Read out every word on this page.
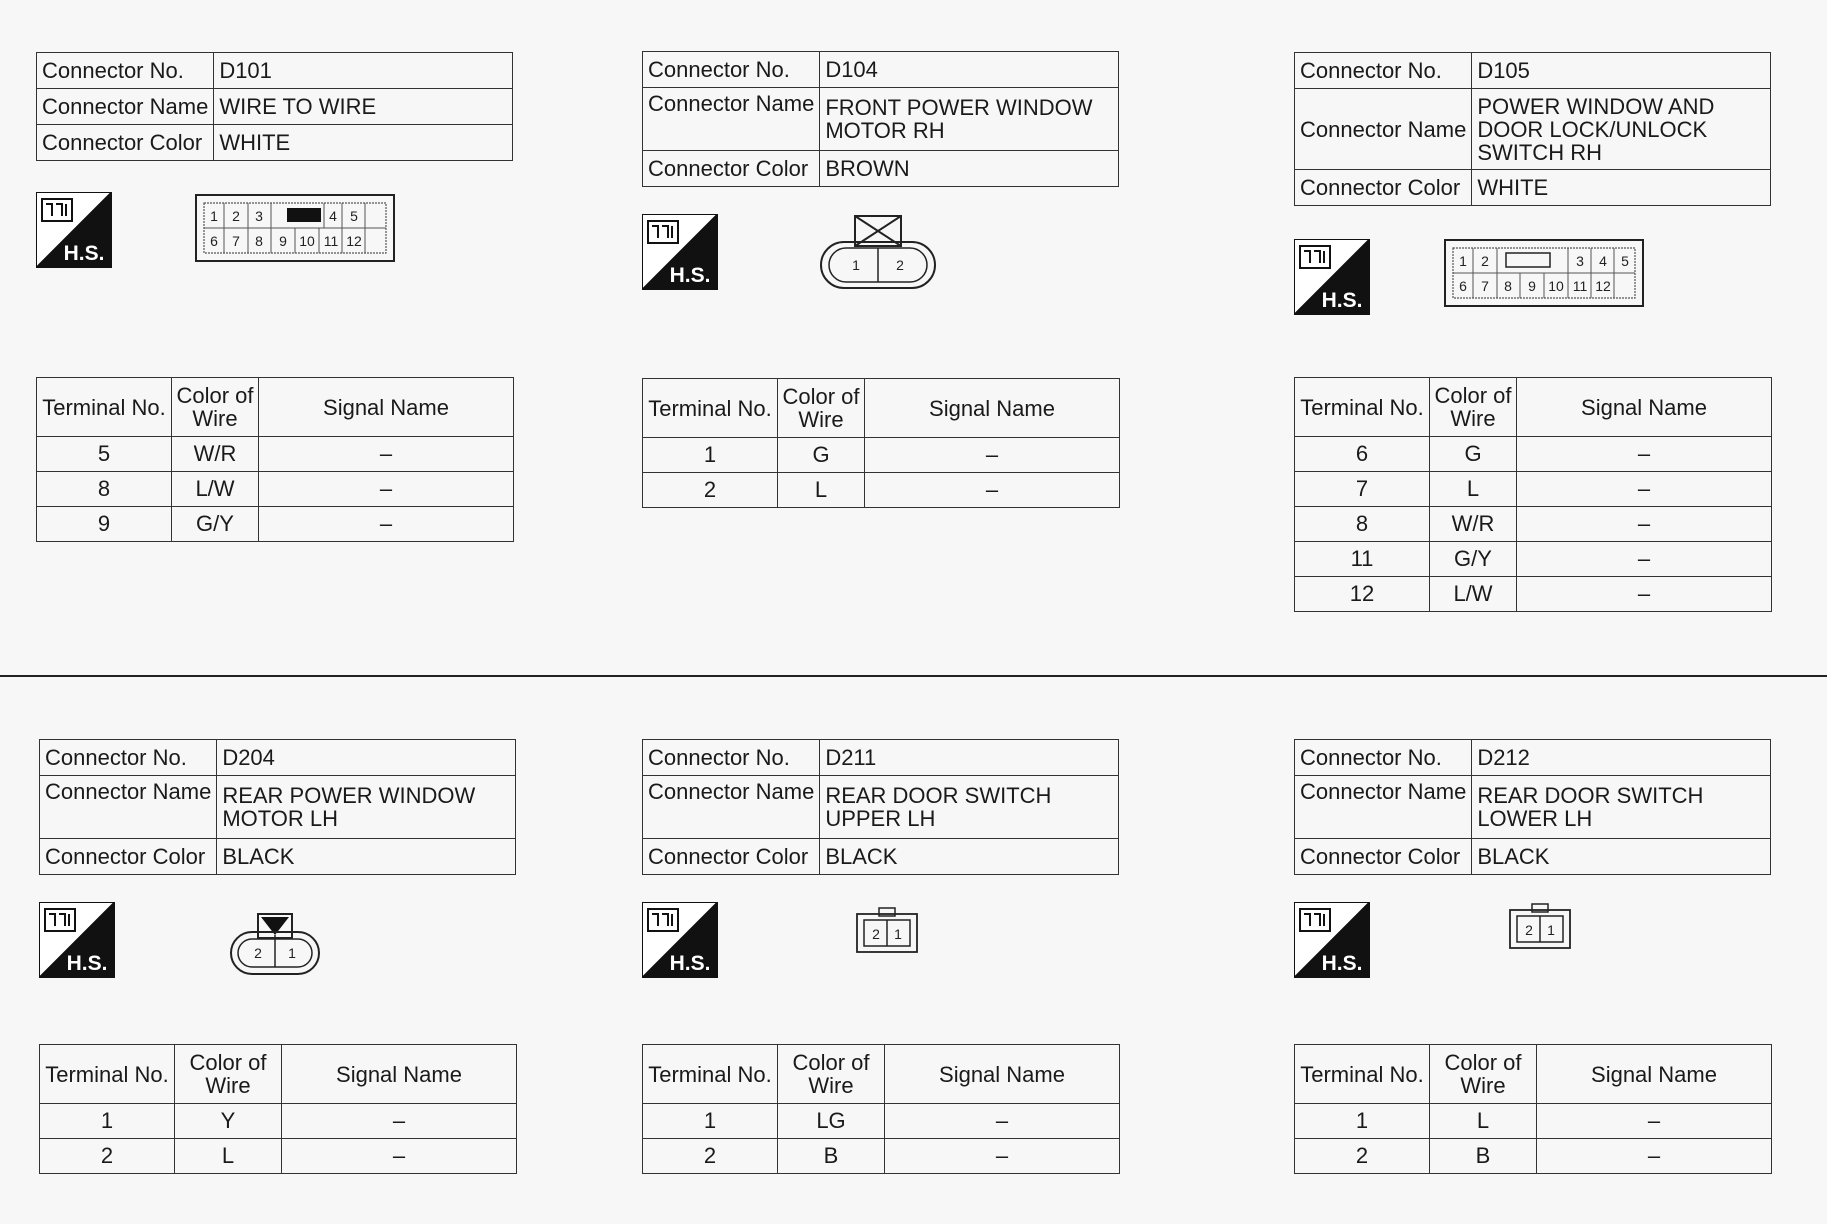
Connector No.	D101
Connector Name	WIRE TO WIRE
Connector Color	WHITE
H.S.
1 2 3	4 5
6 7 8 9 10 11 12
Terminal No.	Color of Wire	Signal Name
5	W/R	–
8	L/W	–
9	G/Y	–
Connector No.	D104
Connector Name	FRONT POWER WINDOW MOTOR RH
Connector Color	BROWN
H.S.	1	2
Terminal No.	Color of Wire	Signal Name
1	G	–
2	L	–
Connector No.	D105
Connector Name	POWER WINDOW AND DOOR LOCK/UNLOCK SWITCH RH
Connector Color	WHITE
H.S.
1 2	3 4 5
6 7 8 9 10 11 12
Terminal No.	Color of Wire	Signal Name
6	G	–
7	L	–
8	W/R	–
11	G/Y	–
12	L/W	–
Connector No.	D204
Connector Name	REAR POWER WINDOW MOTOR LH
Connector Color	BLACK
H.S.	2 1
Terminal No.	Color of Wire	Signal Name
1	Y	–
2	L	–
Connector No.	D211
Connector Name	REAR DOOR SWITCH UPPER LH
Connector Color	BLACK
H.S.
2 1
Terminal No.	Color of Wire	Signal Name
1	LG	–
2	B	–
Connector No.	D212
Connector Name	REAR DOOR SWITCH LOWER LH
Connector Color	BLACK
H.S.
2 1
Terminal No.	Color of Wire	Signal Name
1	L	–
2	B	–
